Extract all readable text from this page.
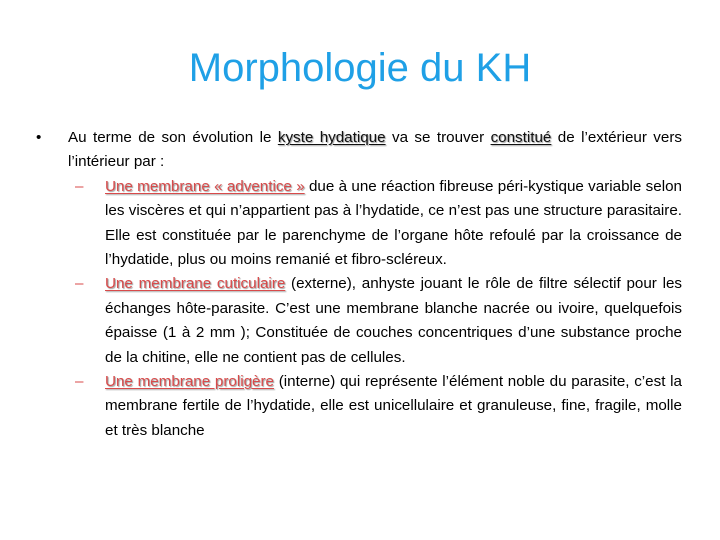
Morphologie du KH
• Au terme de son évolution le kyste hydatique va se trouver constitué de l’extérieur vers l’intérieur par :
– Une membrane « adventice » due à une réaction fibreuse péri-kystique variable selon les viscères et qui n’appartient pas à l’hydatide, ce n’est pas une structure parasitaire. Elle est constituée par le parenchyme de l’organe hôte refoulé par la croissance de l’hydatide, plus ou moins remanié et fibro-scléreux.
– Une membrane cuticulaire (externe), anhyste jouant le rôle de filtre sélectif pour les échanges hôte-parasite. C’est une membrane blanche nacrée ou ivoire, quelquefois épaisse (1 à 2 mm ); Constituée de couches concentriques d’une substance proche de la chitine, elle ne contient pas de cellules.
– Une membrane proligère (interne) qui représente l’élément noble du parasite, c’est la membrane fertile de l’hydatide, elle est unicellulaire et granuleuse, fine, fragile, molle et très blanche
